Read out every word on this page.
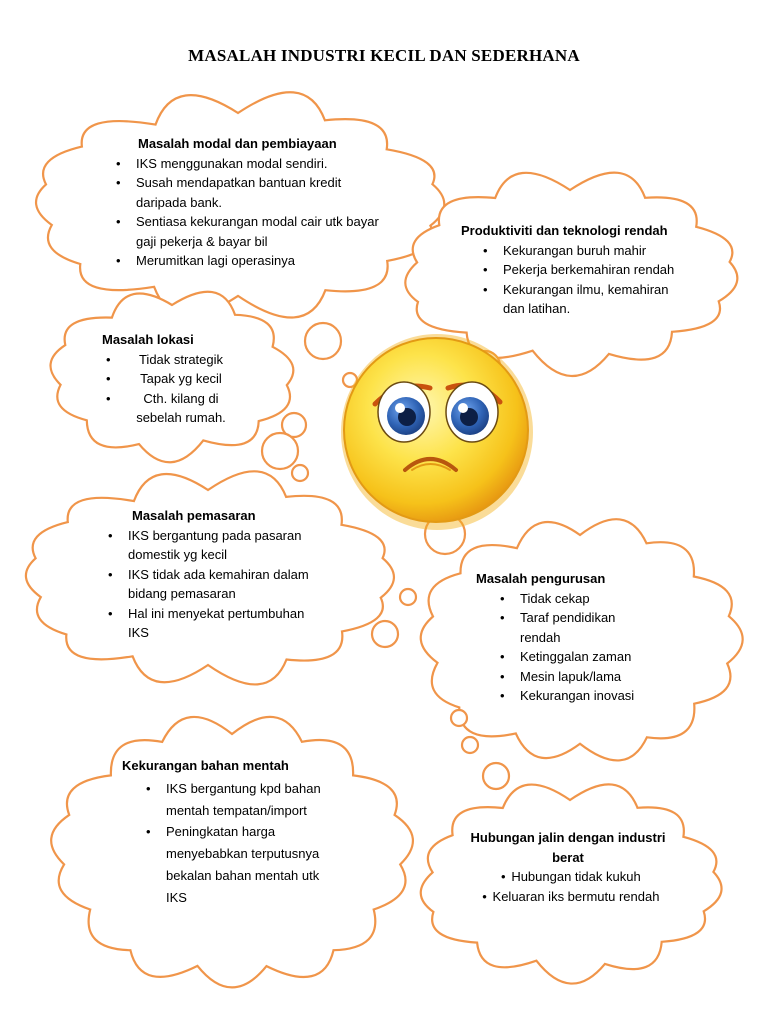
MASALAH INDUSTRI KECIL DAN SEDERHANA
Masalah modal dan pembiayaan
• IKS menggunakan modal sendiri.
• Susah mendapatkan bantuan kredit daripada bank.
• Sentiasa kekurangan modal cair utk bayar gaji pekerja & bayar bil
• Merumitkan lagi operasinya
Produktiviti dan teknologi rendah
• Kekurangan buruh mahir
• Pekerja berkemahiran rendah
• Kekurangan ilmu, kemahiran dan latihan.
Masalah lokasi
• Tidak strategik
• Tapak yg kecil
• Cth. kilang di sebelah rumah.
Masalah pemasaran
• IKS bergantung pada pasaran domestik yg kecil
• IKS tidak ada kemahiran dalam bidang pemasaran
• Hal ini menyekat pertumbuhan IKS
Masalah pengurusan
• Tidak cekap
• Taraf pendidikan rendah
• Ketinggalan zaman
• Mesin lapuk/lama
• Kekurangan inovasi
Kekurangan bahan mentah
• IKS bergantung kpd bahan mentah tempatan/import
• Peningkatan harga menyebabkan terputusnya bekalan bahan mentah utk IKS
Hubungan jalin dengan industri berat
• Hubungan tidak kukuh
• Keluaran iks bermutu rendah
